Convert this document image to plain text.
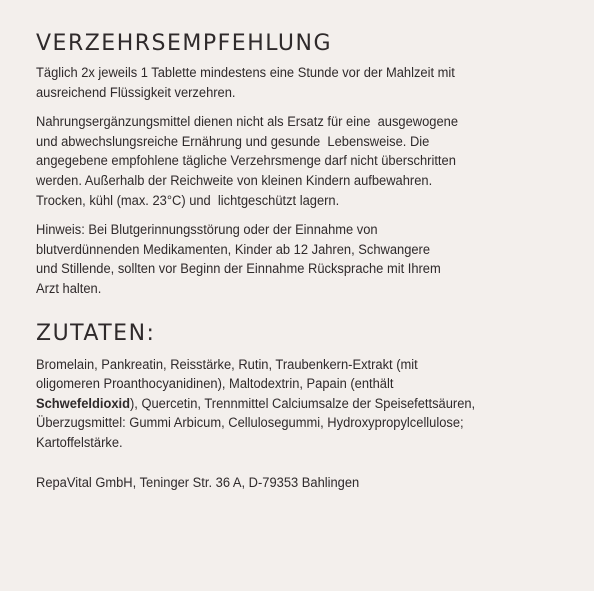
VERZEHRSEMPFEHLUNG
Täglich 2x jeweils 1 Tablette mindestens eine Stunde vor der Mahlzeit mit
ausreichend Flüssigkeit verzehren.
Nahrungsergänzungsmittel dienen nicht als Ersatz für eine  ausgewogene
und abwechslungsreiche Ernährung und gesunde  Lebensweise. Die
angegebene empfohlene tägliche Verzehrsmenge darf nicht überschritten
werden. Außerhalb der Reichweite von kleinen Kindern aufbewahren.
Trocken, kühl (max. 23°C) und  lichtgeschützt lagern.
Hinweis: Bei Blutgerinnungsstörung oder der Einnahme von
blutverdünnenden Medikamenten, Kinder ab 12 Jahren, Schwangere
und Stillende, sollten vor Beginn der Einnahme Rücksprache mit Ihrem
Arzt halten.
ZUTATEN:
Bromelain, Pankreatin, Reisstärke, Rutin, Traubenkern-Extrakt (mit
oligomeren Proanthocyanidinen), Maltodextrin, Papain (enthält
Schwefeldioxid), Quercetin, Trennmittel Calciumsalze der Speisefettsäuren,
Überzugsmittel: Gummi Arbicum, Cellulosegummi, Hydroxypropylcellulose;
Kartoffelstärke.
RepaVital GmbH, Teninger Str. 36 A, D-79353 Bahlingen
